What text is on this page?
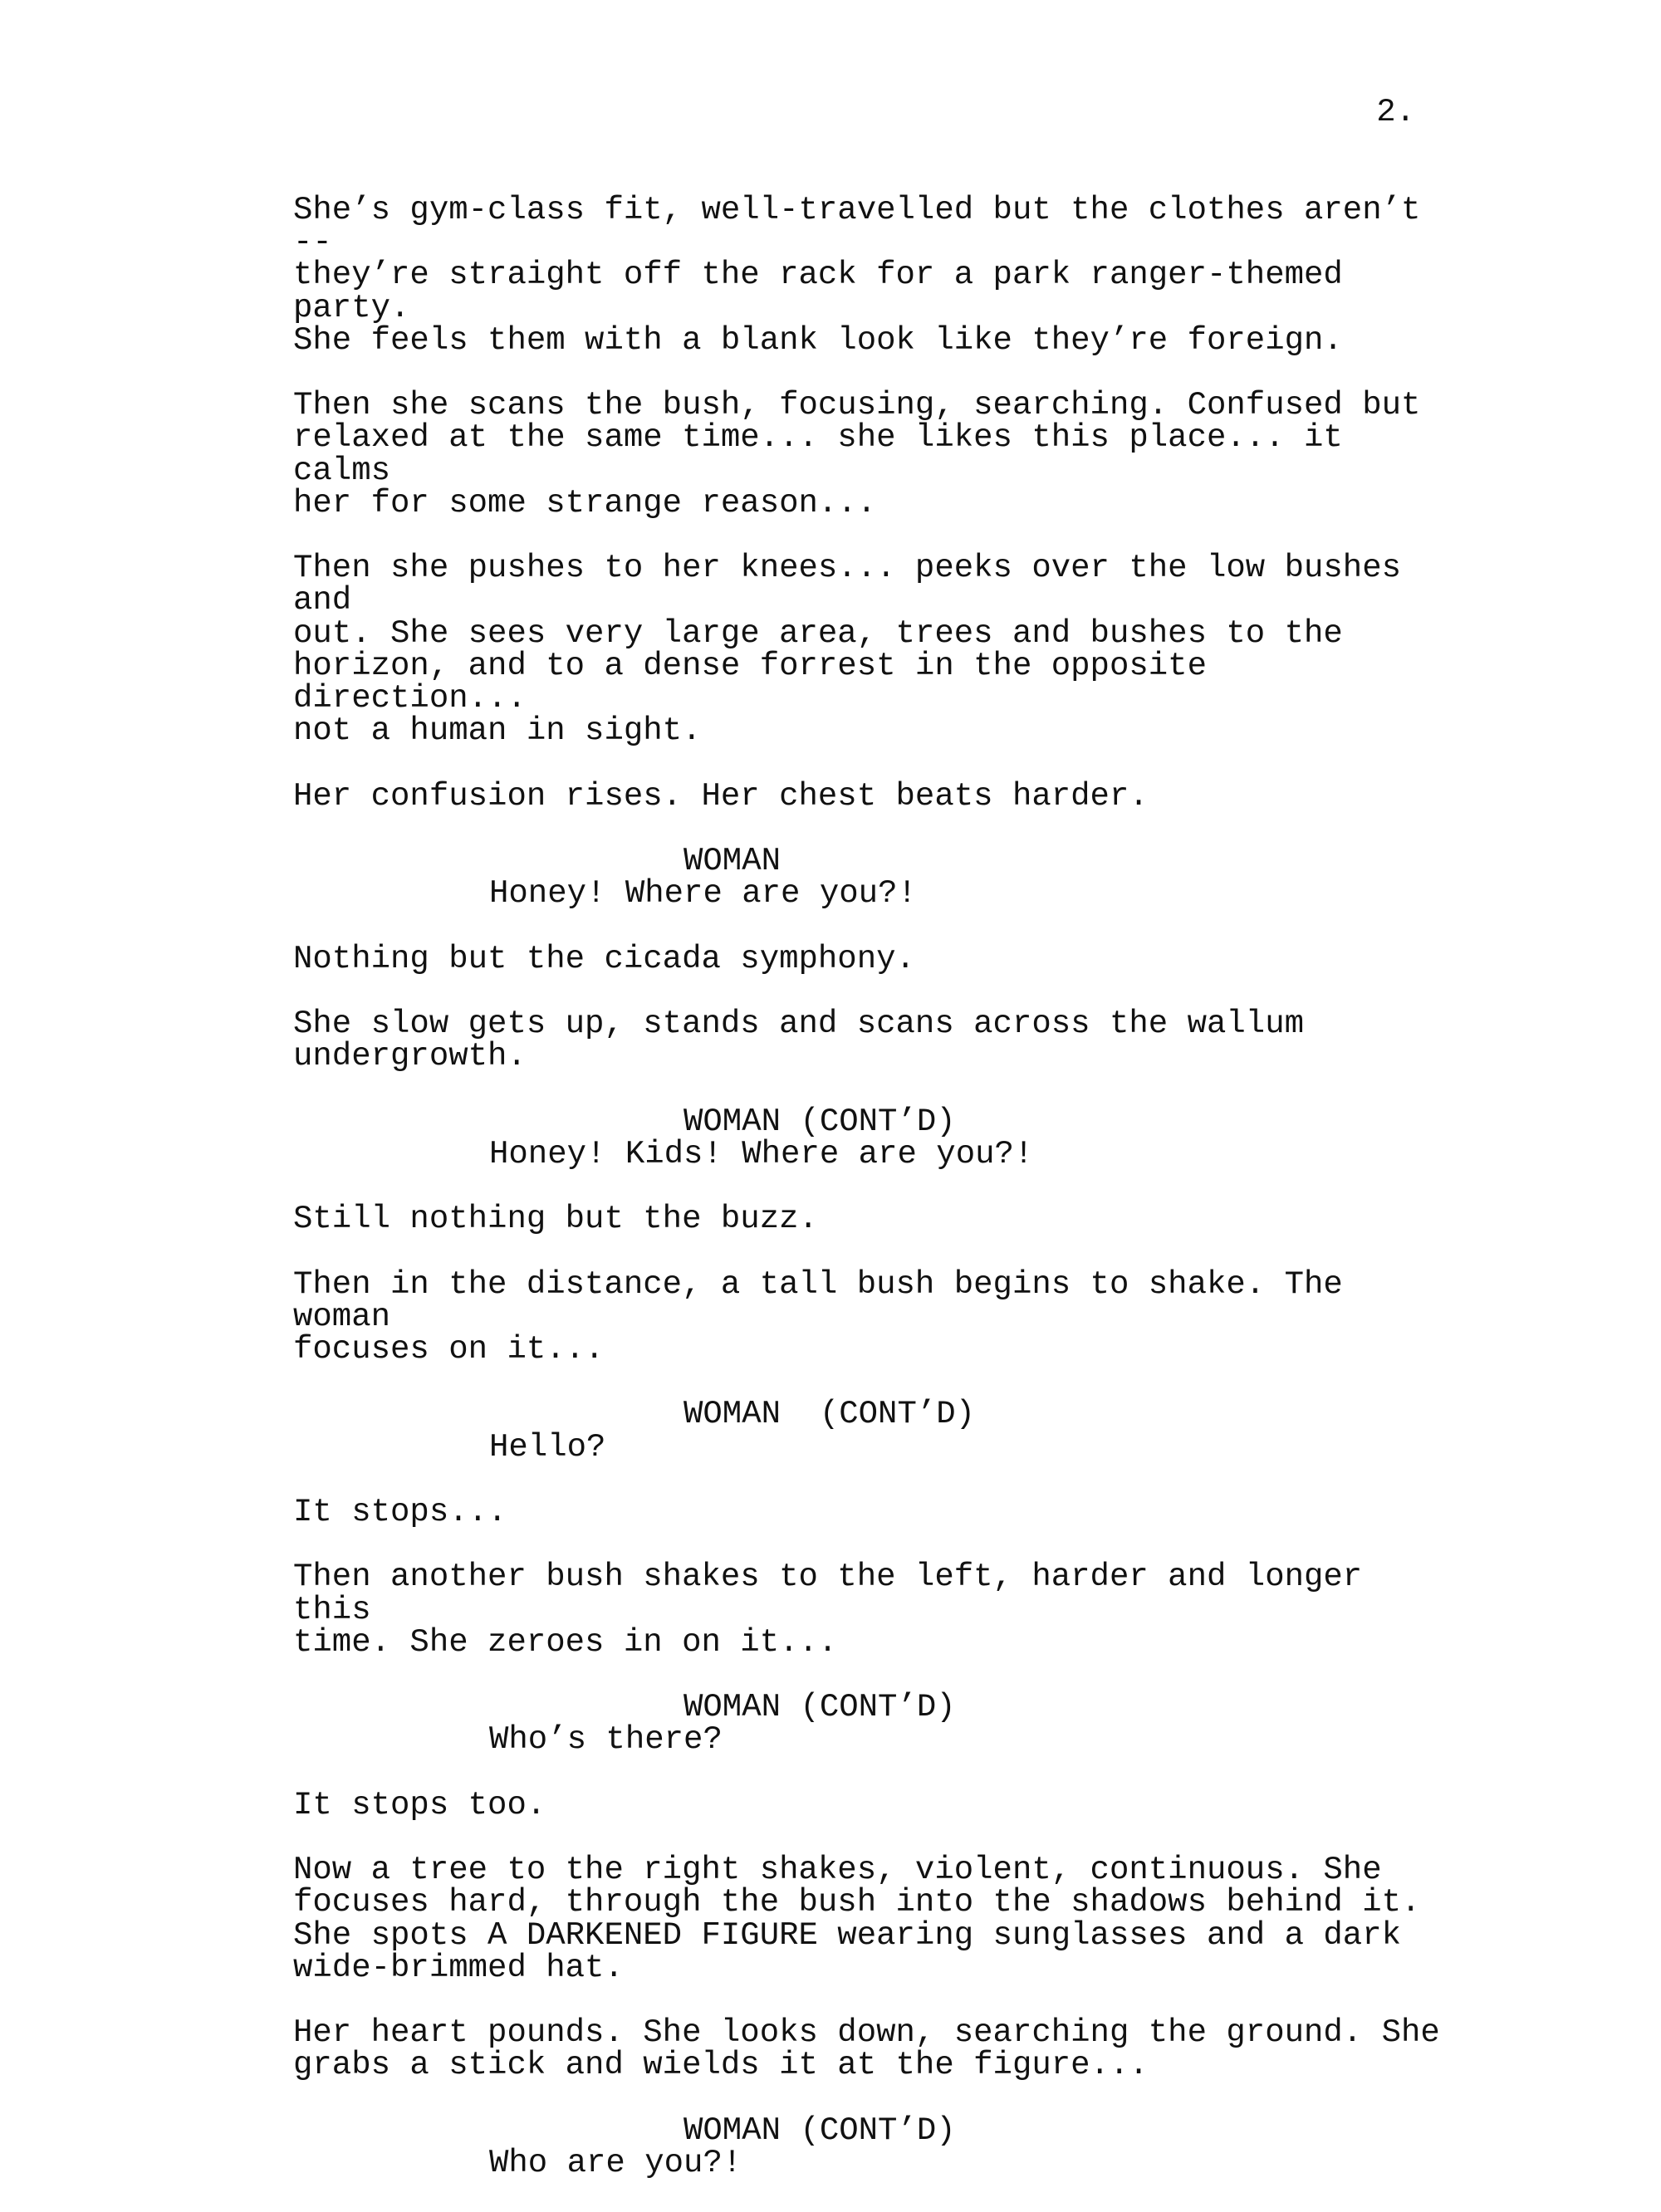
2.
She’s gym-class fit, well-travelled but the clothes aren’t --
they’re straight off the rack for a park ranger-themed party.
She feels them with a blank look like they’re foreign.
Then she scans the bush, focusing, searching. Confused but
relaxed at the same time... she likes this place... it calms
her for some strange reason...
Then she pushes to her knees... peeks over the low bushes and
out. She sees very large area, trees and bushes to the
horizon, and to a dense forrest in the opposite direction...
not a human in sight.
Her confusion rises. Her chest beats harder.
WOMAN
Honey! Where are you?!
Nothing but the cicada symphony.
She slow gets up, stands and scans across the wallum
undergrowth.
WOMAN (CONT’D)
Honey! Kids! Where are you?!
Still nothing but the buzz.
Then in the distance, a tall bush begins to shake. The woman
focuses on it...
WOMAN  (CONT’D)
Hello?
It stops...
Then another bush shakes to the left, harder and longer this
time. She zeroes in on it...
WOMAN (CONT’D)
Who’s there?
It stops too.
Now a tree to the right shakes, violent, continuous. She
focuses hard, through the bush into the shadows behind it.
She spots A DARKENED FIGURE wearing sunglasses and a dark
wide-brimmed hat.
Her heart pounds. She looks down, searching the ground. She
grabs a stick and wields it at the figure...
WOMAN (CONT’D)
Who are you?!
